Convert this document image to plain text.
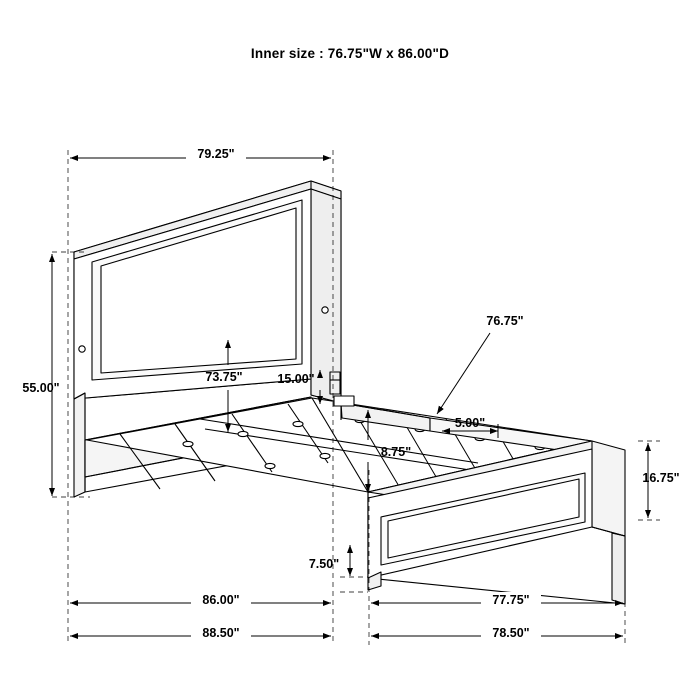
Inner size : 76.75"W x 86.00"D
79.25"
55.00"
73.75"	15.00"
76.75"
5.00"
8.75"
16.75"
7.50"
86.00"	77.75"
88.50"	78.50"
